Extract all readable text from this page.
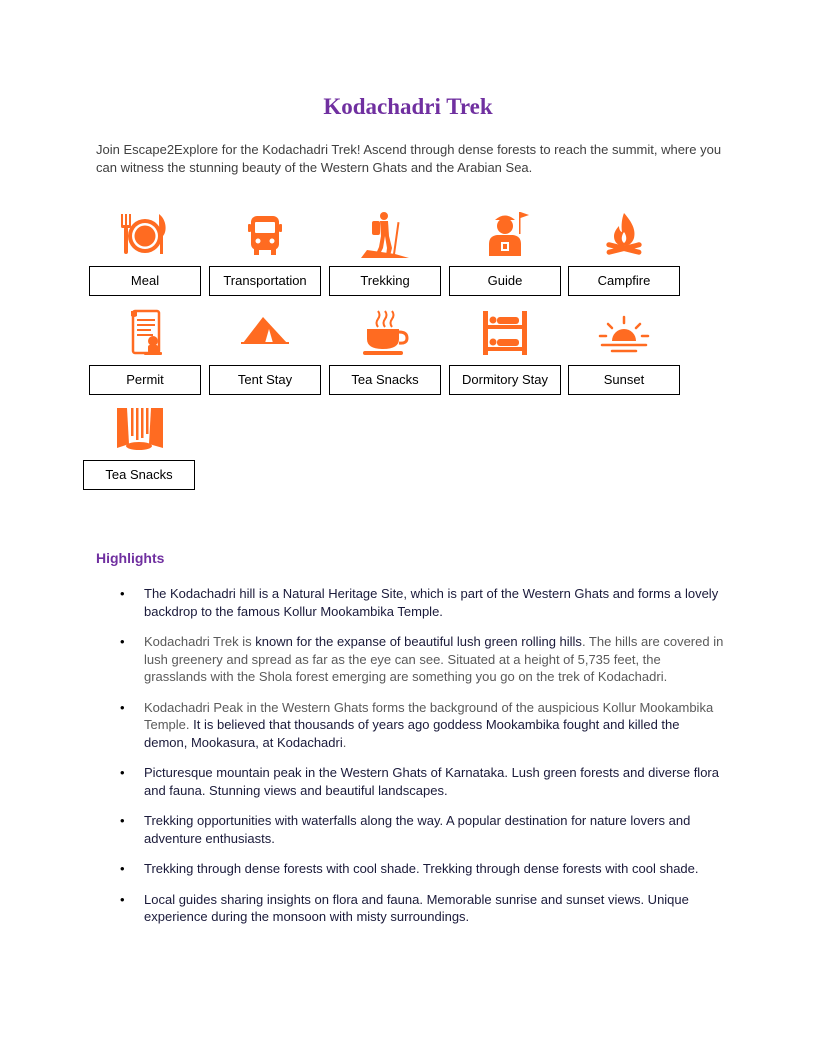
Kodachadri Trek

Join Escape2Explore for the Kodachadri Trek! Ascend through dense forests to reach the summit, where you can witness the stunning beauty of the Western Ghats and the Arabian Sea.

Meal	Transportation	Trekking	Guide	Campfire
Permit	Tent Stay	Tea Snacks	Dormitory Stay	Sunset
Tea Snacks
Highlights
• The Kodachadri hill is a Natural Heritage Site, which is part of the Western Ghats and forms a lovely backdrop to the famous Kollur Mookambika Temple.
• Kodachadri Trek is known for the expanse of beautiful lush green rolling hills. The hills are covered in lush greenery and spread as far as the eye can see. Situated at a height of 5,735 feet, the grasslands with the Shola forest emerging are something you go on the trek of Kodachadri.
• Kodachadri Peak in the Western Ghats forms the background of the auspicious Kollur Mookambika Temple. It is believed that thousands of years ago goddess Mookambika fought and killed the demon, Mookasura, at Kodachadri.
• Picturesque mountain peak in the Western Ghats of Karnataka. Lush green forests and diverse flora and fauna. Stunning views and beautiful landscapes.
• Trekking opportunities with waterfalls along the way. A popular destination for nature lovers and adventure enthusiasts.
• Trekking through dense forests with cool shade. Trekking through dense forests with cool shade.
• Local guides sharing insights on flora and fauna. Memorable sunrise and sunset views. Unique experience during the monsoon with misty surroundings.
